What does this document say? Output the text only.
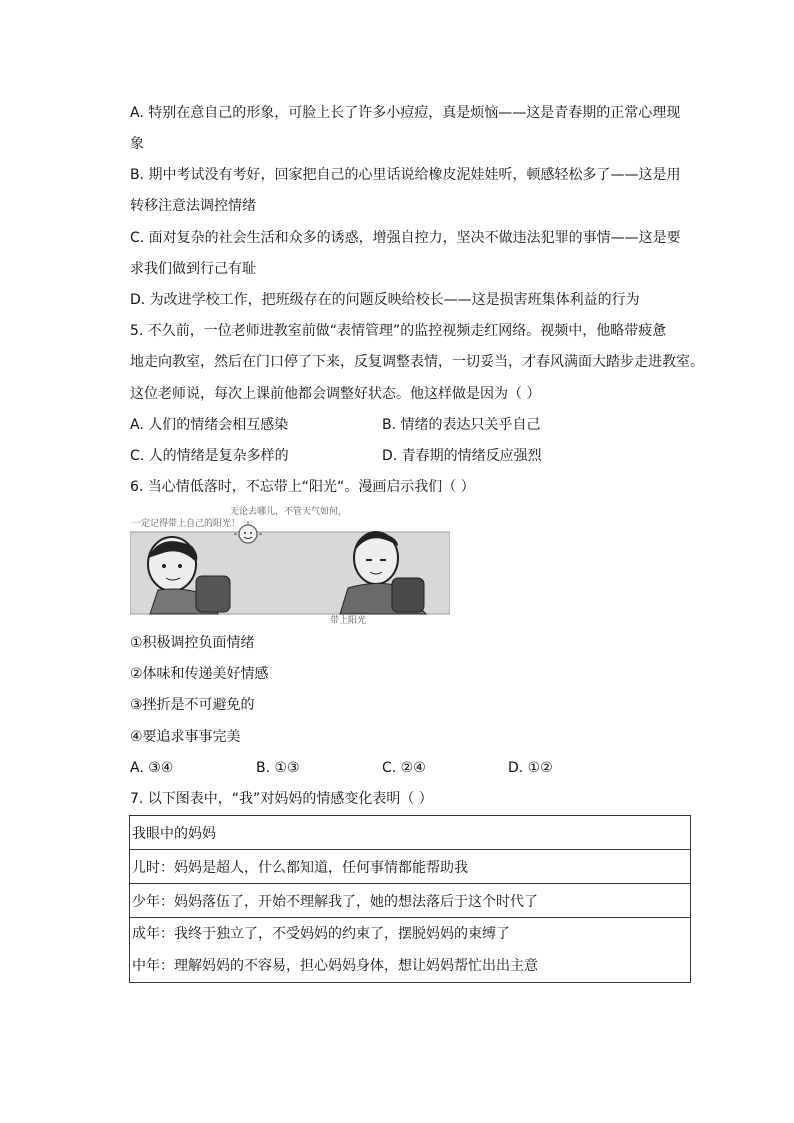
A. 特别在意自己的形象，可脸上长了许多小痘痘，真是烦恼——这是青春期的正常心理现
象
B. 期中考试没有考好，回家把自己的心里话说给橡皮泥娃娃听，顿感轻松多了——这是用
转移注意法调控情绪
C. 面对复杂的社会生活和众多的诱惑，增强自控力，坚决不做违法犯罪的事情——这是要
求我们做到行己有耻
D. 为改进学校工作，把班级存在的问题反映给校长——这是损害班集体利益的行为
5. 不久前，一位老师进教室前做“表情管理”的监控视频走红网络。视频中，他略带疲惫
地走向教室，然后在门口停了下来，反复调整表情，一切妥当，才春风满面大踏步走进教室。
这位老师说，每次上课前他都会调整好状态。他这样做是因为（ ）
A. 人们的情绪会相互感染	B. 情绪的表达只关乎自己
C. 人的情绪是复杂多样的	D. 青春期的情绪反应强烈
6. 当心情低落时，不忘带上“阳光“。漫画启示我们（ ）
无论去哪儿，不管天气如何，
一定记得带上自己的阳光！
带上阳光
①积极调控负面情绪
②体味和传递美好情感
③挫折是不可避免的
④要追求事事完美
A. ③④	B. ①③	C. ②④	D. ①②
7. 以下图表中，“我”对妈妈的情感变化表明（ ）
我眼中的妈妈
儿时：妈妈是超人，什么都知道，任何事情都能帮助我
少年：妈妈落伍了，开始不理解我了，她的想法落后于这个时代了

成年：我终于独立了，不受妈妈的约束了，摆脱妈妈的束缚了
中年：理解妈妈的不容易，担心妈妈身体，想让妈妈帮忙出出主意
